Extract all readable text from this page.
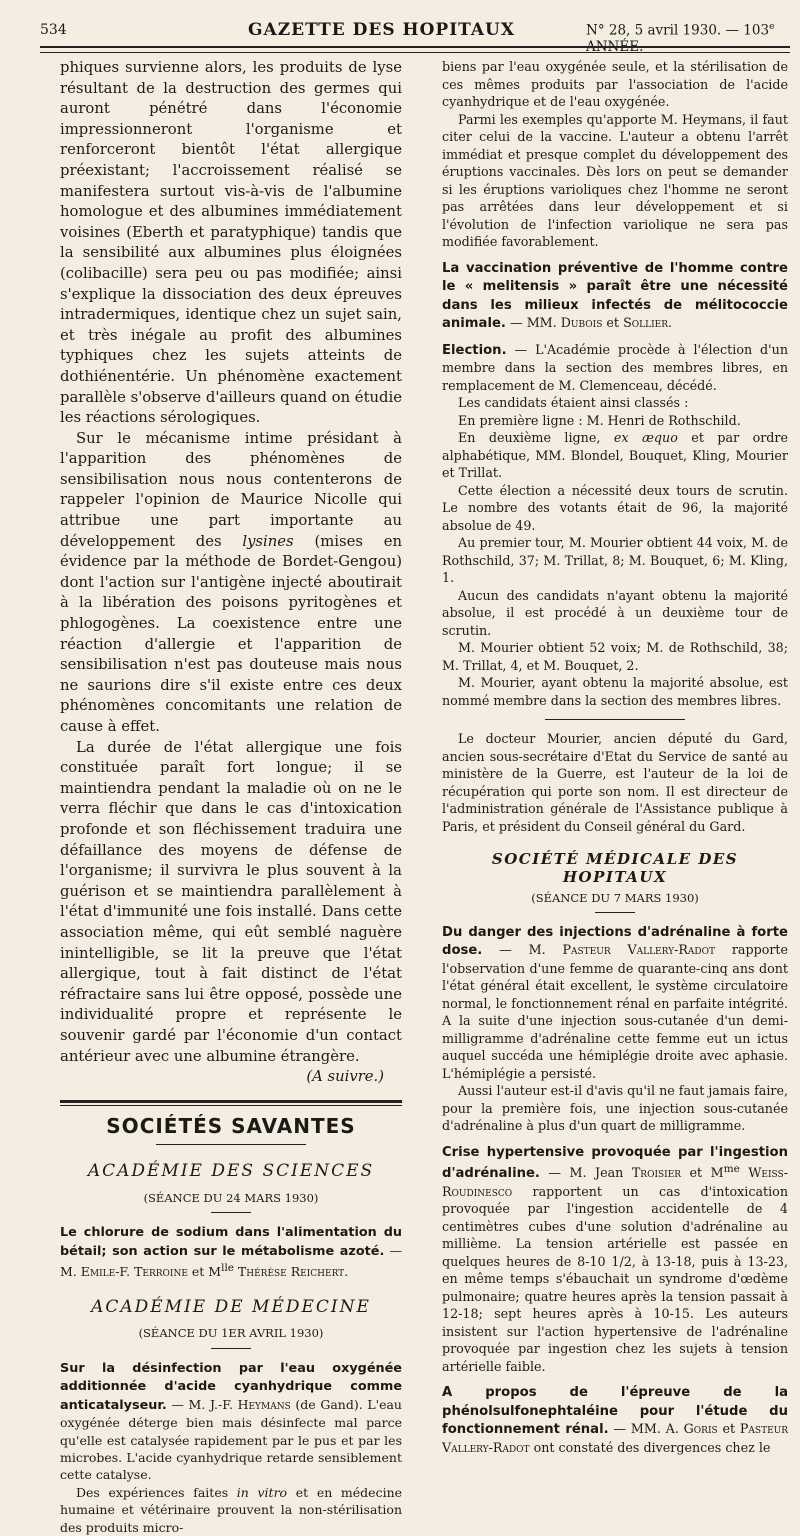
534	GAZETTE DES HOPITAUX	N° 28, 5 avril 1930. — 103e ANNÉE.

phiques survienne alors, les produits de lyse résultant de la destruction des germes qui auront pénétré dans l'économie impressionneront l'organisme et renforceront bientôt l'état allergique préexistant; l'accroissement réalisé se manifestera surtout vis-à-vis de l'albumine homologue et des albumines immédiatement voisines (Eberth et paratyphique) tandis que la sensibilité aux albumines plus éloignées (colibacille) sera peu ou pas modifiée; ainsi s'explique la dissociation des deux épreuves intradermiques, identique chez un sujet sain, et très inégale au profit des albumines typhiques chez les sujets atteints de dothiénentérie. Un phénomène exactement parallèle s'observe d'ailleurs quand on étudie les réactions sérologiques.

Sur le mécanisme intime présidant à l'apparition des phénomènes de sensibilisation nous nous contenterons de rappeler l'opinion de Maurice Nicolle qui attribue une part importante au développement des lysines (mises en évidence par la méthode de Bordet-Gengou) dont l'action sur l'antigène injecté aboutirait à la libération des poisons pyritogènes et phlogogènes. La coexistence entre une réaction d'allergie et l'apparition de sensibilisation n'est pas douteuse mais nous ne saurions dire s'il existe entre ces deux phénomènes concomitants une relation de cause à effet.

La durée de l'état allergique une fois constituée paraît fort longue; il se maintiendra pendant la maladie où on ne le verra fléchir que dans le cas d'intoxication profonde et son fléchissement traduira une défaillance des moyens de défense de l'organisme; il survivra le plus souvent à la guérison et se maintiendra parallèlement à l'état d'immunité une fois installé. Dans cette association même, qui eût semblé naguère inintelligible, se lit la preuve que l'état allergique, tout à fait distinct de l'état réfractaire sans lui être opposé, possède une individualité propre et représente le souvenir gardé par l'économie d'un contact antérieur avec une albumine étrangère.

(A suivre.)

SOCIÉTÉS SAVANTES
ACADÉMIE DES SCIENCES
(SÉANCE DU 24 MARS 1930)

Le chlorure de sodium dans l'alimentation du bétail; son action sur le métabolisme azoté. — M. Emile-F. Terroine et $M^{lle}$ Thérèse Reichert.

ACADÉMIE DE MÉDECINE
(SÉANCE DU 1ER AVRIL 1930)

Sur la désinfection par l'eau oxygénée additionnée d'acide cyanhydrique comme anticatalyseur. — M. J.-F. Heymans (de Gand). L'eau oxygénée déterge bien mais désinfecte mal parce qu'elle est catalysée rapidement par le pus et par les microbes. L'acide cyanhydrique retarde sensiblement cette catalyse.

Des expériences faites in vitro et en médecine humaine et vétérinaire prouvent la non-stérilisation des produits micro-

biens par l'eau oxygénée seule, et la stérilisation de ces mêmes produits par l'association de l'acide cyanhydrique et de l'eau oxygénée.

Parmi les exemples qu'apporte M. Heymans, il faut citer celui de la vaccine. L'auteur a obtenu l'arrêt immédiat et presque complet du développement des éruptions vaccinales. Dès lors on peut se demander si les éruptions varioliques chez l'homme ne seront pas arrêtées dans leur développement et si l'évolution de l'infection variolique ne sera pas modifiée favorablement.

La vaccination préventive de l'homme contre le « melitensis » paraît être une nécessité dans les milieux infectés de mélitococcie animale. — MM. Dubois et Sollier.

Election. — L'Académie procède à l'élection d'un membre dans la section des membres libres, en remplacement de M. Clemenceau, décédé.

Les candidats étaient ainsi classés :

En première ligne : M. Henri de Rothschild.

En deuxième ligne, ex æquo et par ordre alphabétique, MM. Blondel, Bouquet, Kling, Mourier et Trillat.

Cette élection a nécessité deux tours de scrutin. Le nombre des votants était de 96, la majorité absolue de 49.

Au premier tour, M. Mourier obtient 44 voix, M. de Rothschild, 37; M. Trillat, 8; M. Bouquet, 6; M. Kling, 1.

Aucun des candidats n'ayant obtenu la majorité absolue, il est procédé à un deuxième tour de scrutin.

M. Mourier obtient 52 voix; M. de Rothschild, 38; M. Trillat, 4, et M. Bouquet, 2.

M. Mourier, ayant obtenu la majorité absolue, est nommé membre dans la section des membres libres.

Le docteur Mourier, ancien député du Gard, ancien sous-secrétaire d'Etat du Service de santé au ministère de la Guerre, est l'auteur de la loi de récupération qui porte son nom. Il est directeur de l'administration générale de l'Assistance publique à Paris, et président du Conseil général du Gard.

SOCIÉTÉ MÉDICALE DES HOPITAUX
(SÉANCE DU 7 MARS 1930)

Du danger des injections d'adrénaline à forte dose. — M. Pasteur Vallery-Radot rapporte l'observation d'une femme de quarante-cinq ans dont l'état général était excellent, le système circulatoire normal, le fonctionnement rénal en parfaite intégrité. A la suite d'une injection sous-cutanée d'un demi-milligramme d'adrénaline cette femme eut un ictus auquel succéda une hémiplégie droite avec aphasie. L'hémiplégie a persisté.

Aussi l'auteur est-il d'avis qu'il ne faut jamais faire, pour la première fois, une injection sous-cutanée d'adrénaline à plus d'un quart de milligramme.

Crise hypertensive provoquée par l'ingestion d'adrénaline. — M. Jean Troisier et $M^{me}$ Weiss-Roudinesco rapportent un cas d'intoxication provoquée par l'ingestion accidentelle de 4 centimètres cubes d'une solution d'adrénaline au millième. La tension artérielle est passée en quelques heures de 8-10 1/2, à 13-18, puis à 13-23, en même temps s'ébauchait un syndrome d'œdème pulmonaire; quatre heures après la tension passait à 12-18; sept heures après à 10-15. Les auteurs insistent sur l'action hypertensive de l'adrénaline provoquée par ingestion chez les sujets à tension artérielle faible.

A propos de l'épreuve de la phénolsulfonephtaléine pour l'étude du fonctionnement rénal. — MM. A. Goris et Pasteur Vallery-Radot ont constaté des divergences chez le
